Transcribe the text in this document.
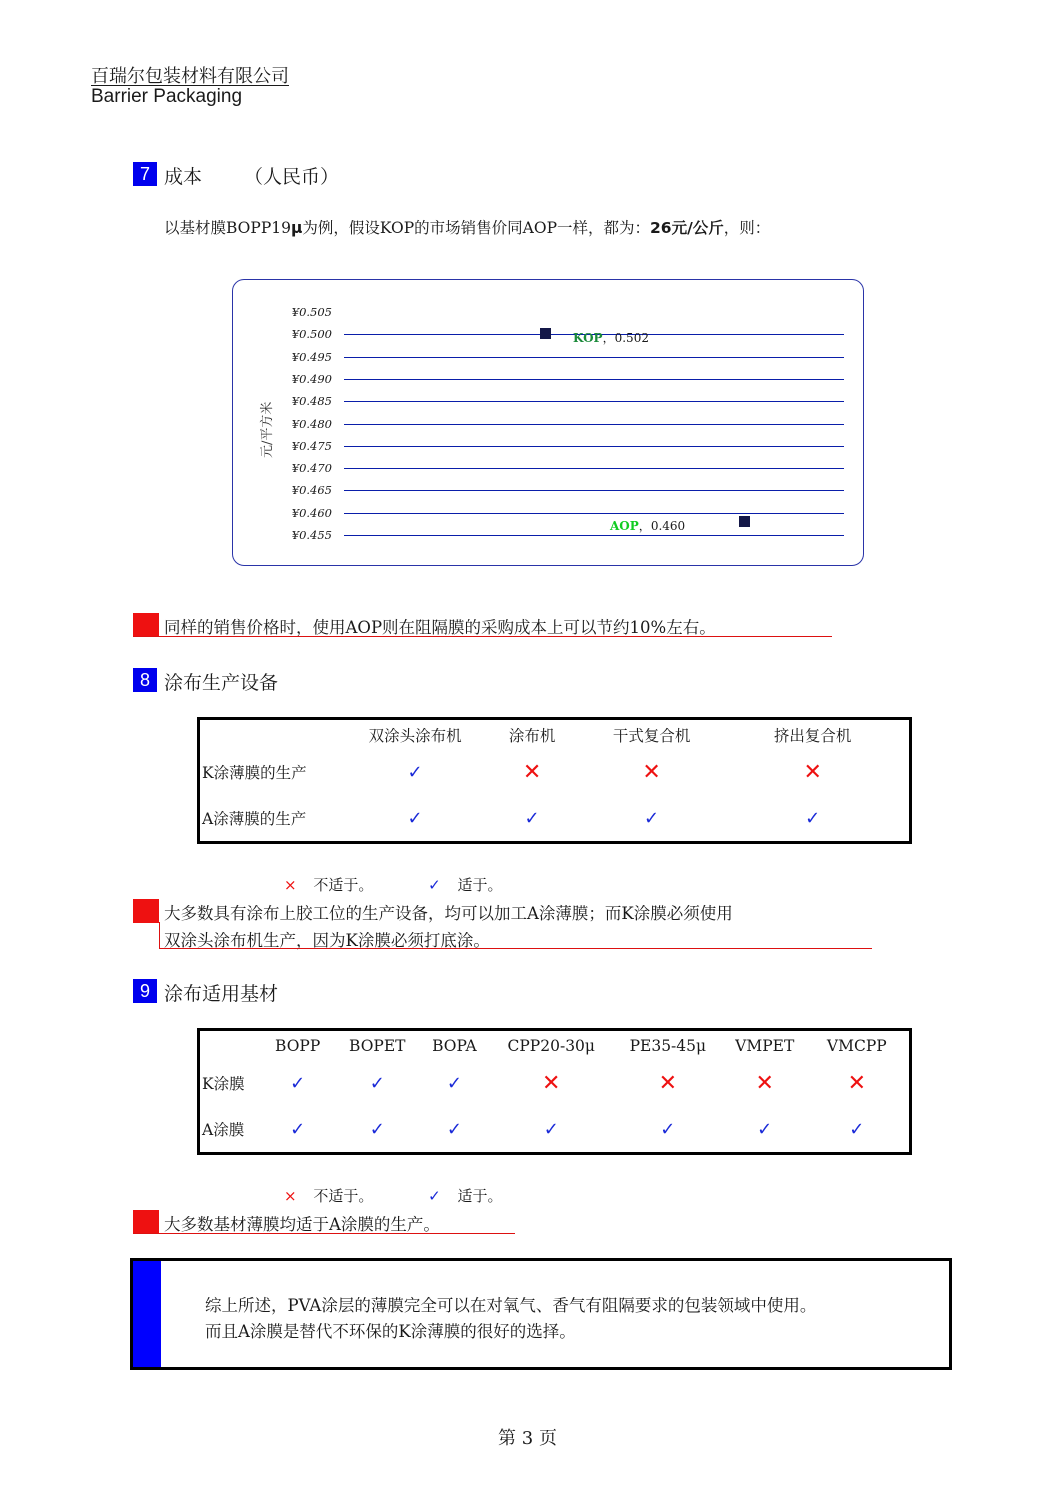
百瑞尔包装材料有限公司
Barrier Packaging
7 成本 （人民币）
以基材膜BOPP19μ为例，假设KOP的市场销售价同AOP一样，都为：26元/公斤，则：
元/平方米
¥0.505
¥0.500
¥0.495
¥0.490
¥0.485
¥0.480
¥0.475
¥0.470
¥0.465
¥0.460
¥0.455
KOP，0.502
AOP，0.460
同样的销售价格时，使用AOP则在阻隔膜的采购成本上可以节约10%左右。
8 涂布生产设备
	双涂头涂布机	涂布机	干式复合机	挤出复合机
K涂薄膜的生产	✓	✕	✕	✕
A涂薄膜的生产	✓	✓	✓	✓
× 不适于。	✓ 适于。
大多数具有涂布上胶工位的生产设备，均可以加工A涂薄膜；而K涂膜必须使用
双涂头涂布机生产，因为K涂膜必须打底涂。
9 涂布适用基材
	BOPP	BOPET	BOPA	CPP20-30μ	PE35-45μ	VMPET	VMCPP	
K涂膜	✓	✓	✓	✕	✕	✕	✕	
A涂膜	✓	✓	✓	✓	✓	✓	✓	
× 不适于。	✓ 适于。
大多数基材薄膜均适于A涂膜的生产。
综上所述，PVA涂层的薄膜完全可以在对氧气、香气有阻隔要求的包装领域中使用。
而且A涂膜是替代不环保的K涂薄膜的很好的选择。
第 3 页
